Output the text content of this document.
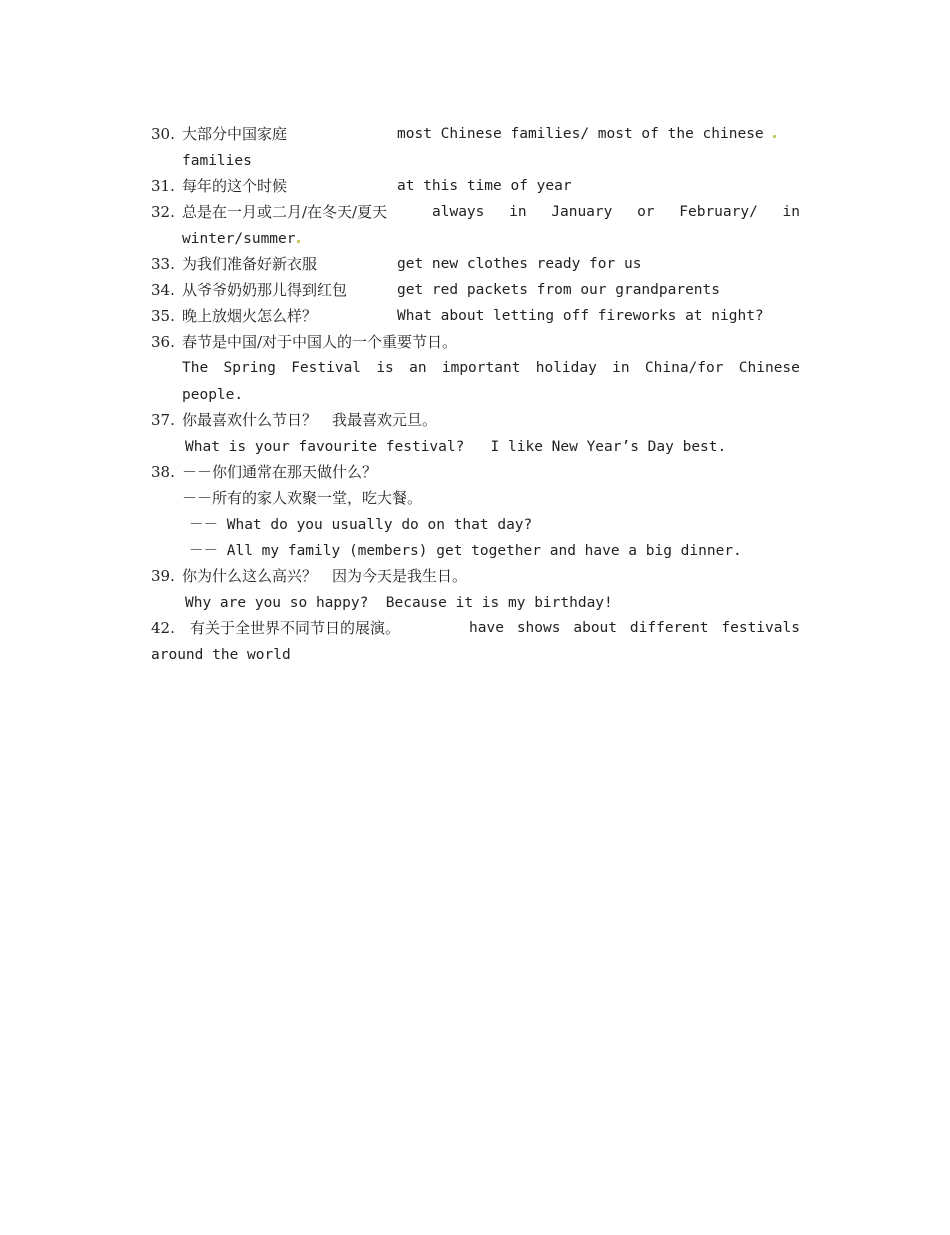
30. 大部分中国家庭	most Chinese families/ most of the chinese
families
31. 每年的这个时候	at this time of year
32. 总是在一月或二月/在冬天/夏天	always in January or February/ in
winter/summer
33. 为我们准备好新衣服	get new clothes ready for us
34. 从爷爷奶奶那儿得到红包	get red packets from our grandparents
35. 晚上放烟火怎么样？	What about letting off fireworks at night?
36. 春节是中国/对于中国人的一个重要节日。
The Spring Festival is an important holiday in China/for Chinese
people.
37. 你最喜欢什么节日？　我最喜欢元旦。
What is your favourite festival?   I like New Year’s Day best.
38. －－你们通常在那天做什么？
－－所有的家人欢聚一堂，吃大餐。
－－ What do you usually do on that day?
－－ All my family (members) get together and have a big dinner.
39. 你为什么这么高兴？　因为今天是我生日。
Why are you so happy?  Because it is my birthday!
42. 有关于全世界不同节日的展演。	have shows about different festivals
around the world
